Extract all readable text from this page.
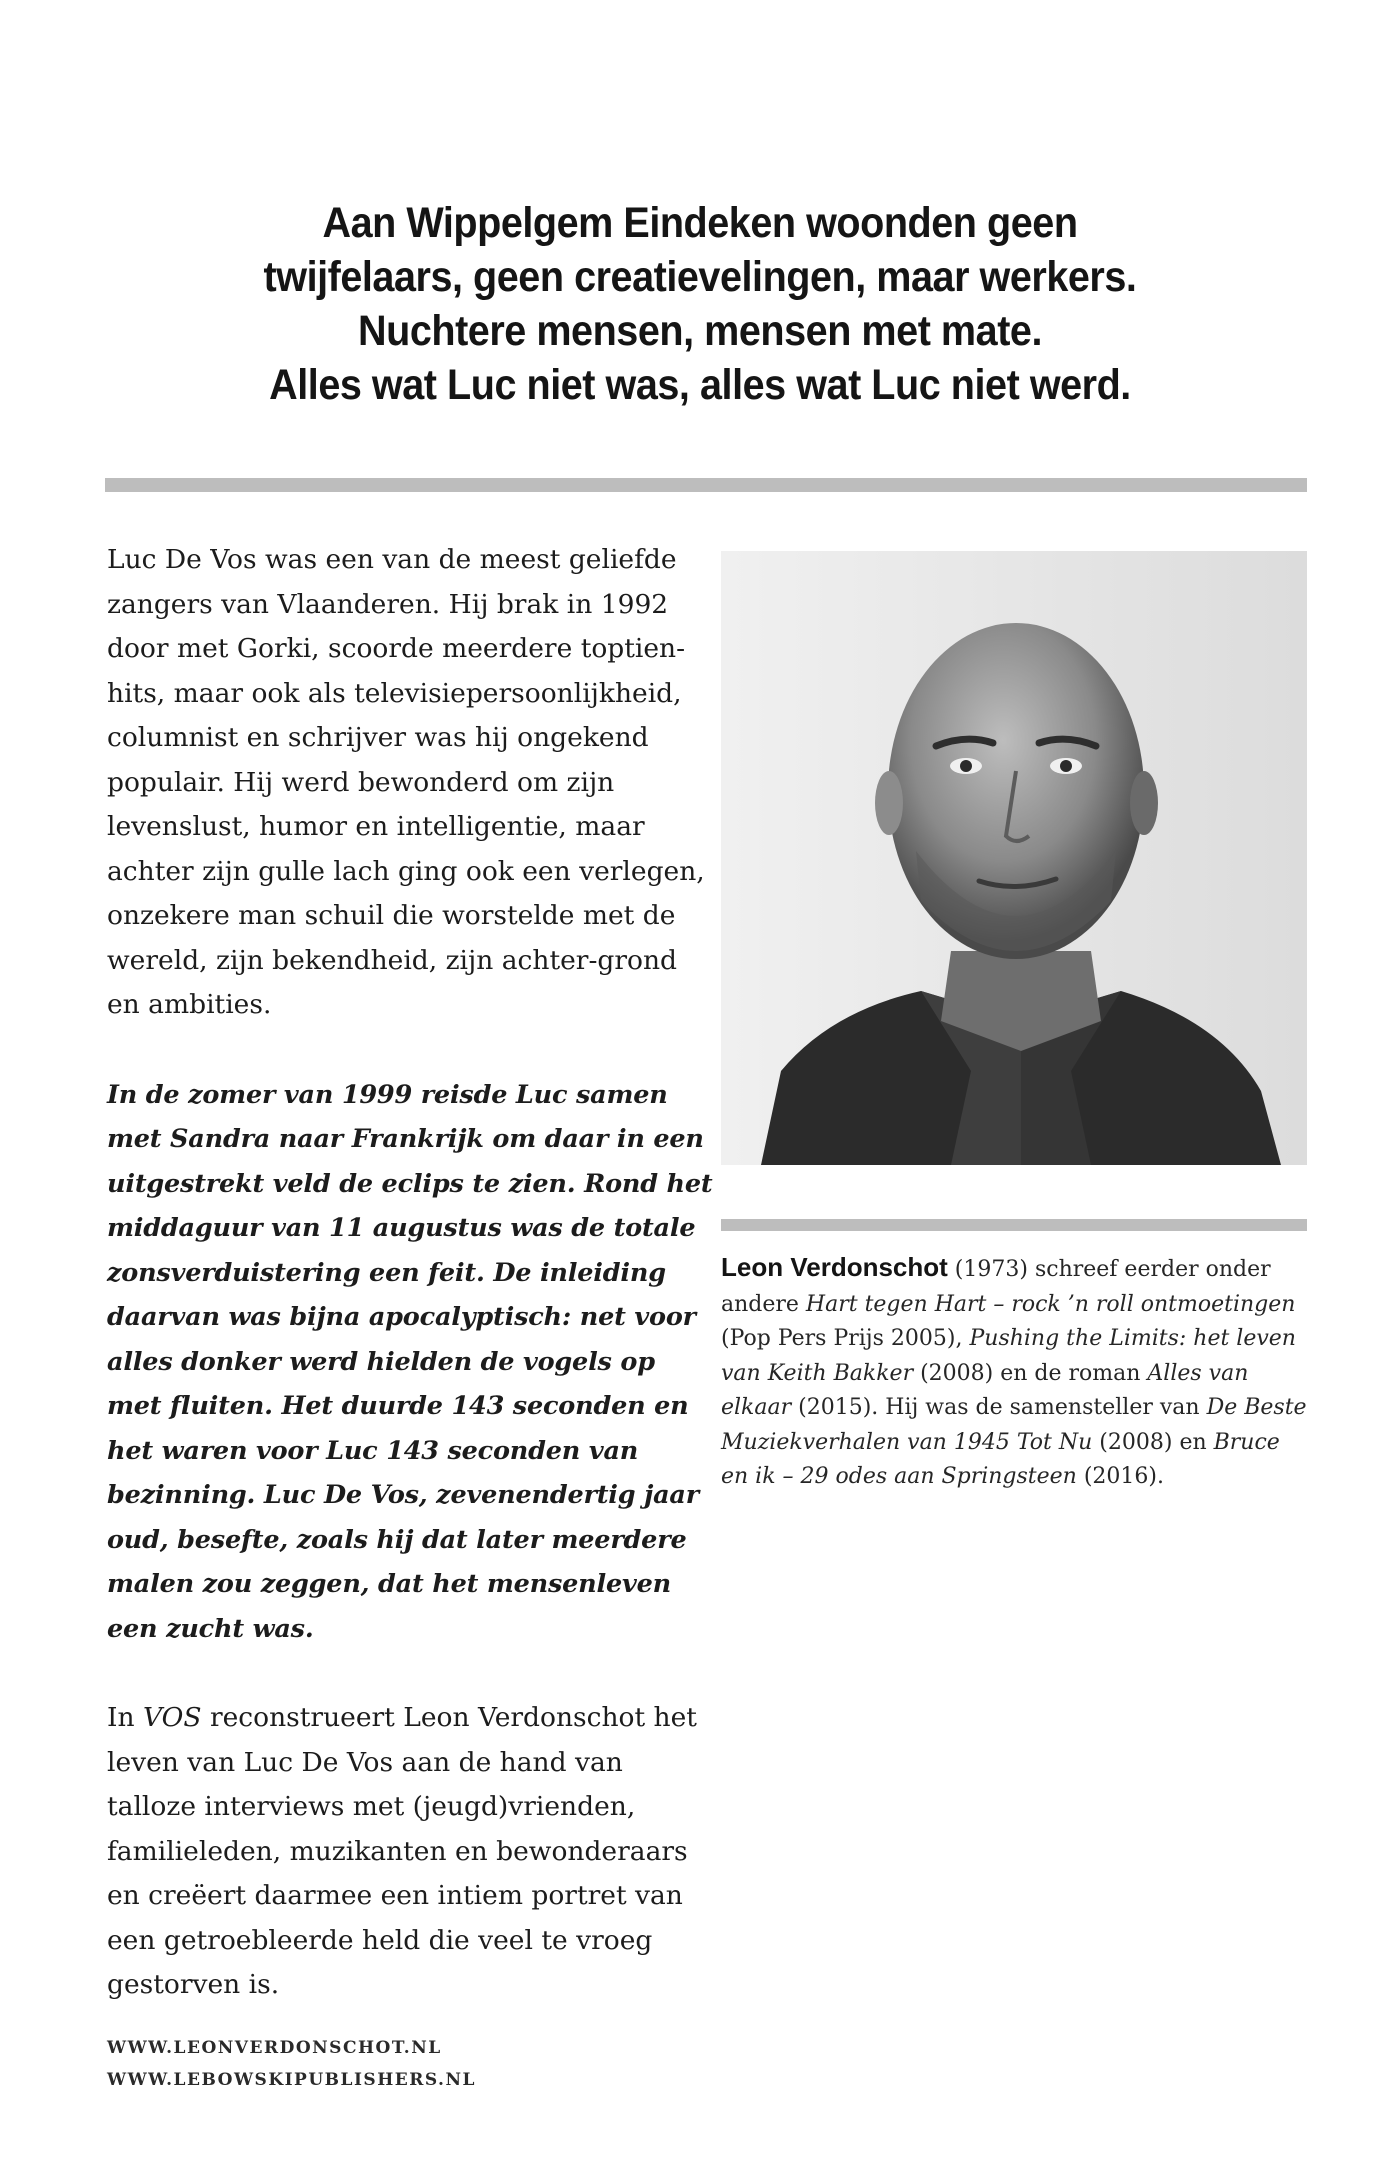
Aan Wippelgem Eindeken woonden geen
twijfelaars, geen creatievelingen, maar werkers.
Nuchtere mensen, mensen met mate.
Alles wat Luc niet was, alles wat Luc niet werd.

Luc De Vos was een van de meest geliefde zangers van Vlaanderen. Hij brak in 1992 door met Gorki, scoorde meerdere toptien-hits, maar ook als televisiepersoonlijkheid, columnist en schrijver was hij ongekend populair. Hij werd bewonderd om zijn levenslust, humor en intelligentie, maar achter zijn gulle lach ging ook een verlegen, onzekere man schuil die worstelde met de wereld, zijn bekendheid, zijn achter-grond en ambities.

In de zomer van 1999 reisde Luc samen met Sandra naar Frankrijk om daar in een uitgestrekt veld de eclips te zien. Rond het middaguur van 11 augustus was de totale zonsverduistering een feit. De inleiding daarvan was bijna apocalyptisch: net voor alles donker werd hielden de vogels op met fluiten. Het duurde 143 seconden en het waren voor Luc 143 seconden van bezinning. Luc De Vos, zevenendertig jaar oud, besefte, zoals hij dat later meerdere malen zou zeggen, dat het mensenleven een zucht was.

In VOS reconstrueert Leon Verdonschot het leven van Luc De Vos aan de hand van talloze interviews met (jeugd)vrienden, familieleden, muzikanten en bewonderaars en creëert daarmee een intiem portret van een getroebleerde held die veel te vroeg gestorven is.

Leon Verdonschot (1973) schreef eerder onder andere Hart tegen Hart – rock ’n roll ontmoetingen (Pop Pers Prijs 2005), Pushing the Limits: het leven van Keith Bakker (2008) en de roman Alles van elkaar (2015). Hij was de samensteller van De Beste Muziekverhalen van 1945 Tot Nu (2008) en Bruce en ik – 29 odes aan Springsteen (2016).
WWW.LEONVERDONSCHOT.NL
WWW.LEBOWSKIPUBLISHERS.NL
